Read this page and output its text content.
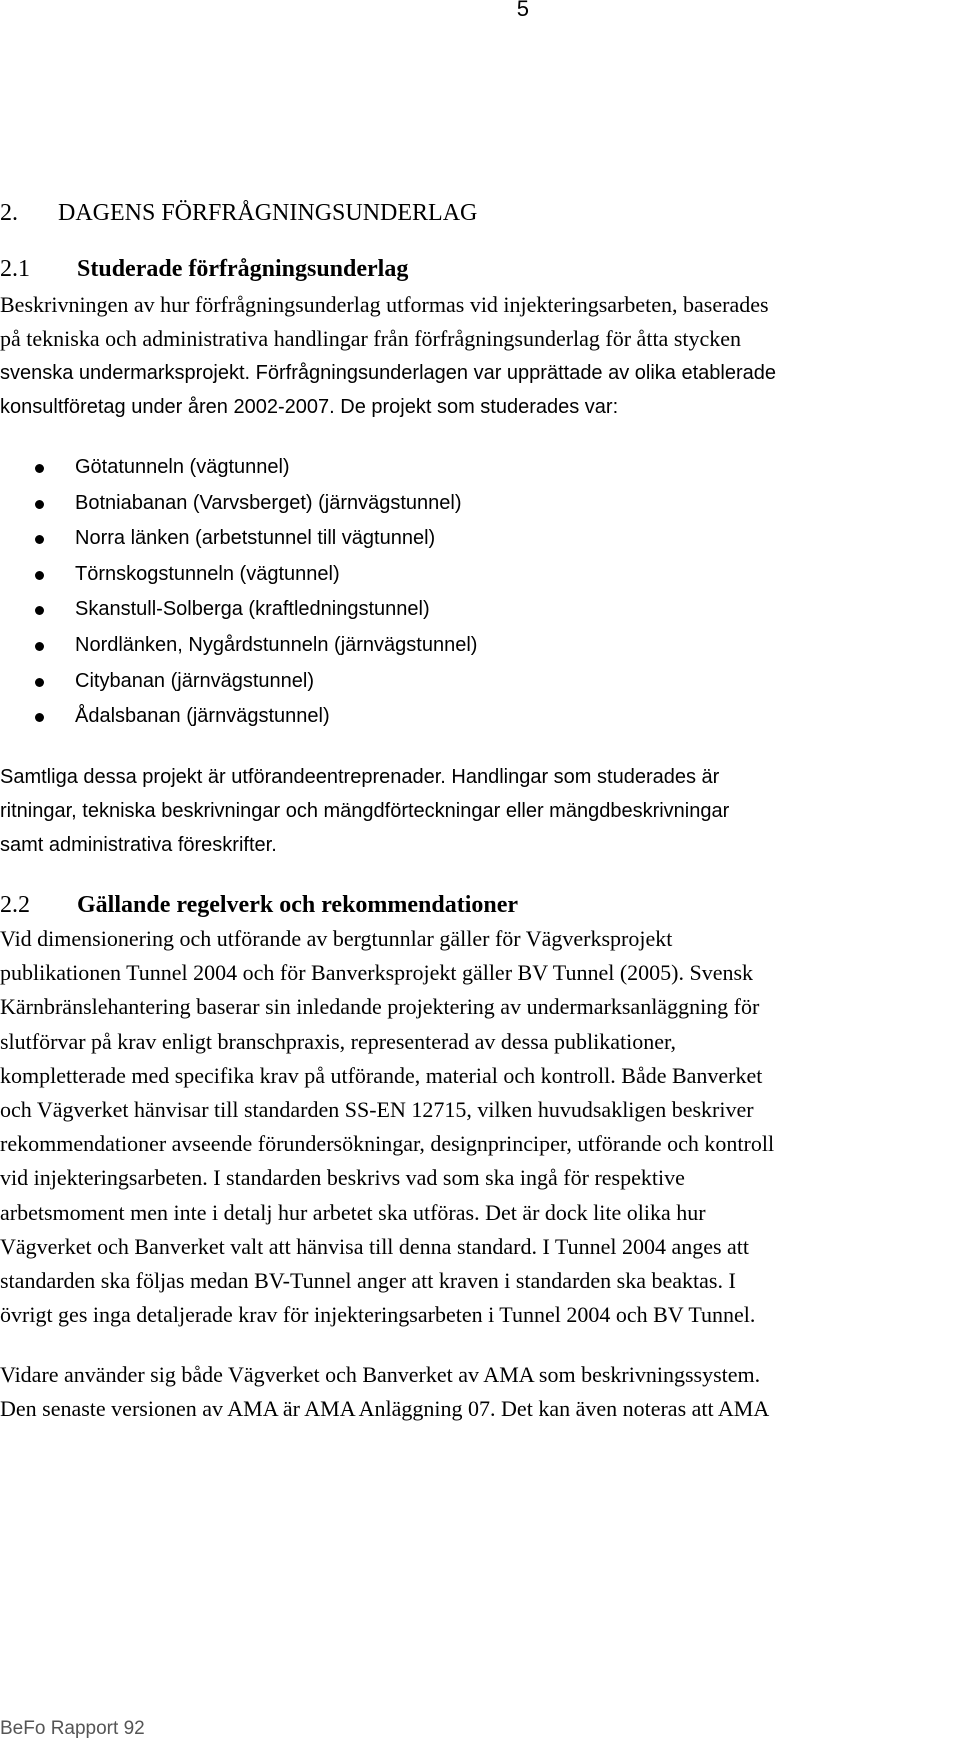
5
2. DAGENS FÖRFRÅGNINGSUNDERLAG
2.1 Studerade förfrågningsunderlag
Beskrivningen av hur förfrågningsunderlag utformas vid injekteringsarbeten, baserades
på tekniska och administrativa handlingar från förfrågningsunderlag för åtta stycken
svenska undermarksprojekt. Förfrågningsunderlagen var upprättade av olika etablerade
konsultföretag under åren 2002-2007. De projekt som studerades var:
Götatunneln (vägtunnel)
Botniabanan (Varvsberget) (järnvägstunnel)
Norra länken (arbetstunnel till vägtunnel)
Törnskogstunneln (vägtunnel)
Skanstull-Solberga (kraftledningstunnel)
Nordlänken, Nygårdstunneln (järnvägstunnel)
Citybanan (järnvägstunnel)
Ådalsbanan (järnvägstunnel)
Samtliga dessa projekt är utförandeentreprenader. Handlingar som studerades är
ritningar, tekniska beskrivningar och mängdförteckningar eller mängdbeskrivningar
samt administrativa föreskrifter.
2.2 Gällande regelverk och rekommendationer
Vid dimensionering och utförande av bergtunnlar gäller för Vägverksprojekt
publikationen Tunnel 2004 och för Banverksprojekt gäller BV Tunnel (2005). Svensk
Kärnbränslehantering baserar sin inledande projektering av undermarksanläggning för
slutförvar på krav enligt branschpraxis, representerad av dessa publikationer,
kompletterade med specifika krav på utförande, material och kontroll. Både Banverket
och Vägverket hänvisar till standarden SS-EN 12715, vilken huvudsakligen beskriver
rekommendationer avseende förundersökningar, designprinciper, utförande och kontroll
vid injekteringsarbeten. I standarden beskrivs vad som ska ingå för respektive
arbetsmoment men inte i detalj hur arbetet ska utföras. Det är dock lite olika hur
Vägverket och Banverket valt att hänvisa till denna standard. I Tunnel 2004 anges att
standarden ska följas medan BV-Tunnel anger att kraven i standarden ska beaktas. I
övrigt ges inga detaljerade krav för injekteringsarbeten i Tunnel 2004 och BV Tunnel.
Vidare använder sig både Vägverket och Banverket av AMA som beskrivningssystem.
Den senaste versionen av AMA är AMA Anläggning 07. Det kan även noteras att AMA
BeFo Rapport 92
